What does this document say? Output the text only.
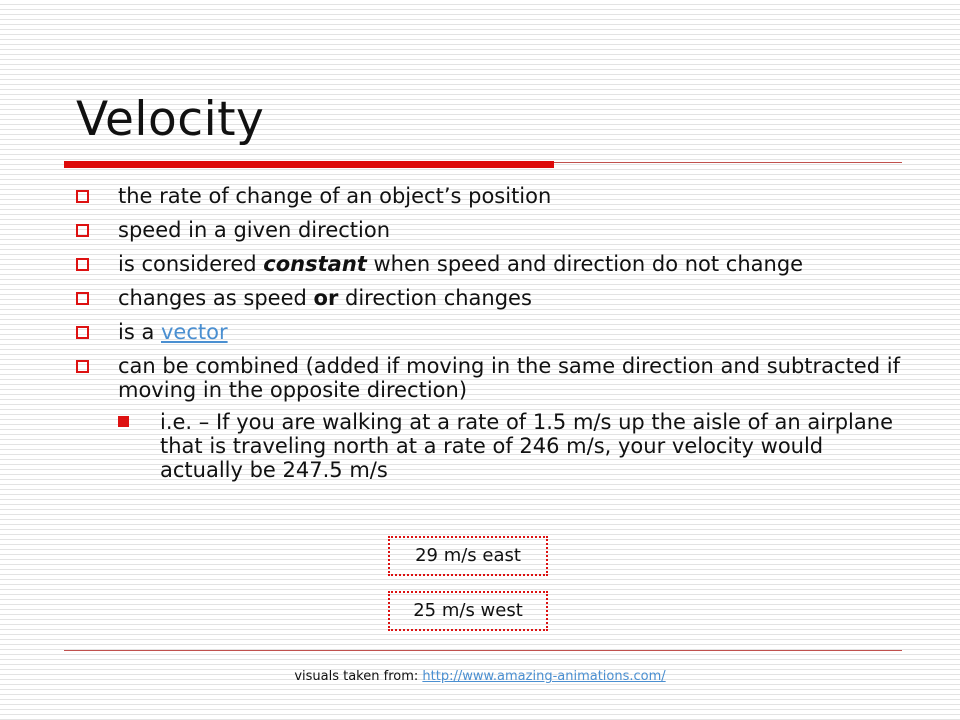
Velocity
the rate of change of an object’s position
speed in a given direction
is considered constant when speed and direction do not change
changes as speed or direction changes
is a vector
can be combined (added if moving in the same direction and subtracted if moving in the opposite direction)
i.e. – If you are walking at a rate of 1.5 m/s up the aisle of an airplane that is traveling north at a rate of 246 m/s, your velocity would actually be 247.5 m/s
29 m/s east
25 m/s west
visuals taken from: http://www.amazing-animations.com/
